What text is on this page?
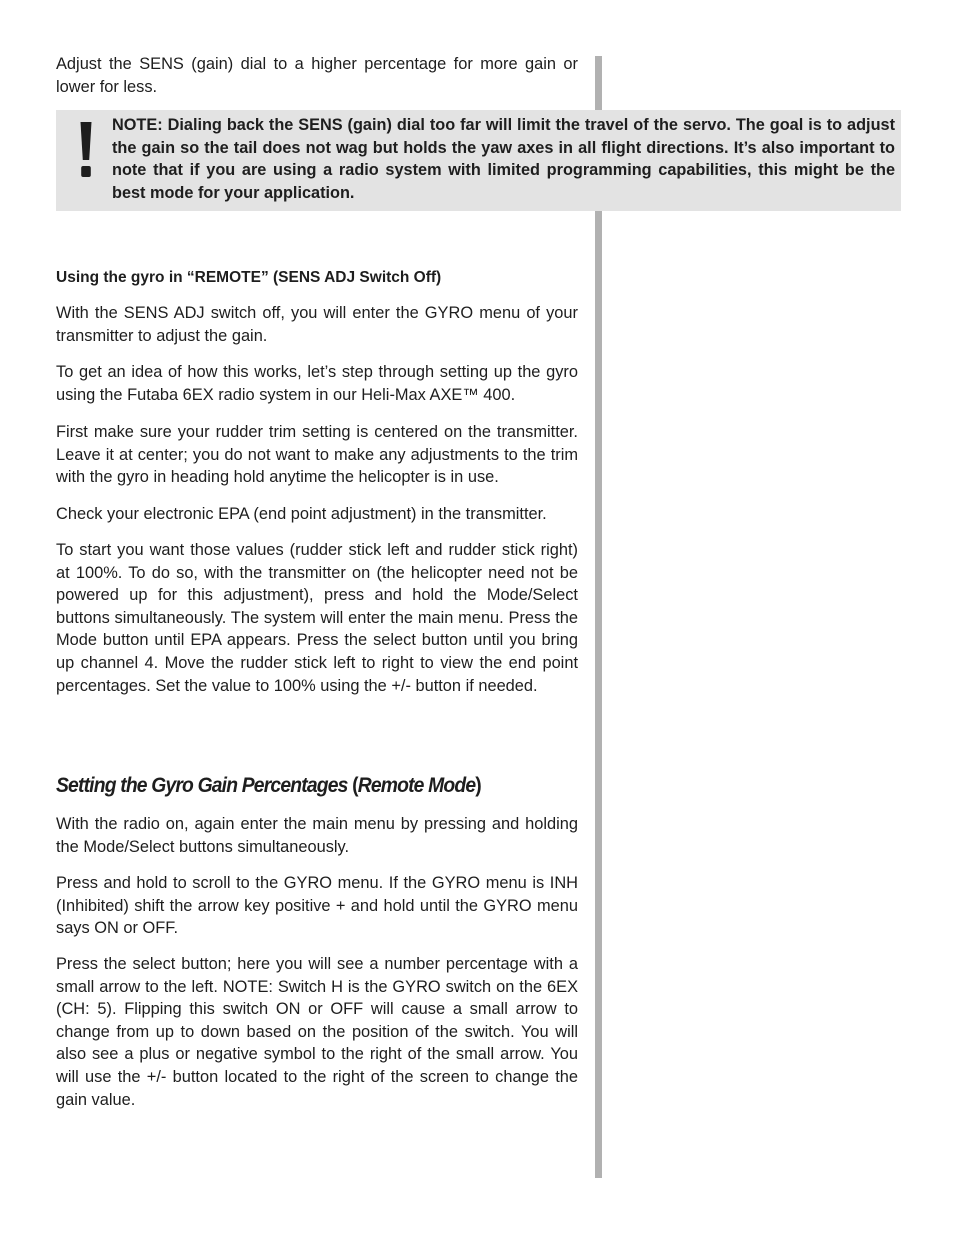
Adjust the SENS (gain) dial to a higher percentage for more gain or lower for less.

NOTE: Dialing back the SENS (gain) dial too far will limit the travel of the servo. The goal is to adjust the gain so the tail does not wag but holds the yaw axes in all flight directions. It’s also important to note that if you are using a radio system with limited programming capabilities, this might be the best mode for your application.

Using the gyro in “REMOTE” (SENS ADJ Switch Off)

With the SENS ADJ switch off, you will enter the GYRO menu of your transmitter to adjust the gain.

To get an idea of how this works, let’s step through setting up the gyro using the Futaba 6EX radio system in our Heli-Max AXE™ 400.

First make sure your rudder trim setting is centered on the transmitter. Leave it at center; you do not want to make any adjustments to the trim with the gyro in heading hold anytime the helicopter is in use.

Check your electronic EPA (end point adjustment) in the transmitter.

To start you want those values (rudder stick left and rudder stick right) at 100%. To do so, with the transmitter on (the helicopter need not be powered up for this adjustment), press and hold the Mode/Select buttons simultaneously. The system will enter the main menu. Press the Mode button until EPA appears. Press the select button until you bring up channel 4. Move the rudder stick left to right to view the end point percentages. Set the value to 100% using the +/- button if needed.

Setting the Gyro Gain Percentages (Remote Mode)

With the radio on, again enter the main menu by pressing and holding the Mode/Select buttons simultaneously.

Press and hold to scroll to the GYRO menu. If the GYRO menu is INH (Inhibited) shift the arrow key positive + and hold until the GYRO menu says ON or OFF.

Press the select button; here you will see a number percentage with a small arrow to the left. NOTE: Switch H is the GYRO switch on the 6EX (CH: 5). Flipping this switch ON or OFF will cause a small arrow to change from up to down based on the position of the switch. You will also see a plus or negative symbol to the right of the small arrow. You will use the +/- button located to the right of the screen to change the gain value.
